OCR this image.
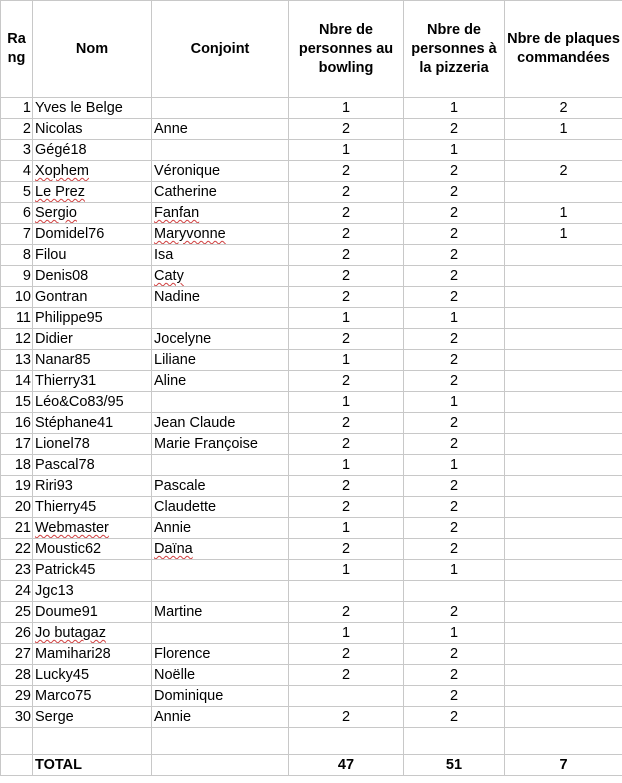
Ra ng	Nom	Conjoint	Nbre de personnes au bowling	Nbre de personnes à la pizzeria	Nbre de plaques commandées
1	Yves le Belge		1	1	2
2	Nicolas	Anne	2	2	1
3	Gégé18		1	1	
4	Xophem	Véronique	2	2	2
5	Le Prez	Catherine	2	2	
6	Sergio	Fanfan	2	2	1
7	Domidel76	Maryvonne	2	2	1
8	Filou	Isa	2	2	
9	Denis08	Caty	2	2	
10	Gontran	Nadine	2	2	
11	Philippe95		1	1	
12	Didier	Jocelyne	2	2	
13	Nanar85	Liliane	1	2	
14	Thierry31	Aline	2	2	
15	Léo&Co83/95		1	1	
16	Stéphane41	Jean Claude	2	2	
17	Lionel78	Marie Françoise	2	2	
18	Pascal78		1	1	
19	Riri93	Pascale	2	2	
20	Thierry45	Claudette	2	2	
21	Webmaster	Annie	1	2	
22	Moustic62	Daïna	2	2	
23	Patrick45		1	1	
24	Jgc13				
25	Doume91	Martine	2	2	
26	Jo butagaz		1	1	
27	Mamihari28	Florence	2	2	
28	Lucky45	Noëlle	2	2	
29	Marco75	Dominique		2	
30	Serge	Annie	2	2	

	TOTAL		47	51	7
